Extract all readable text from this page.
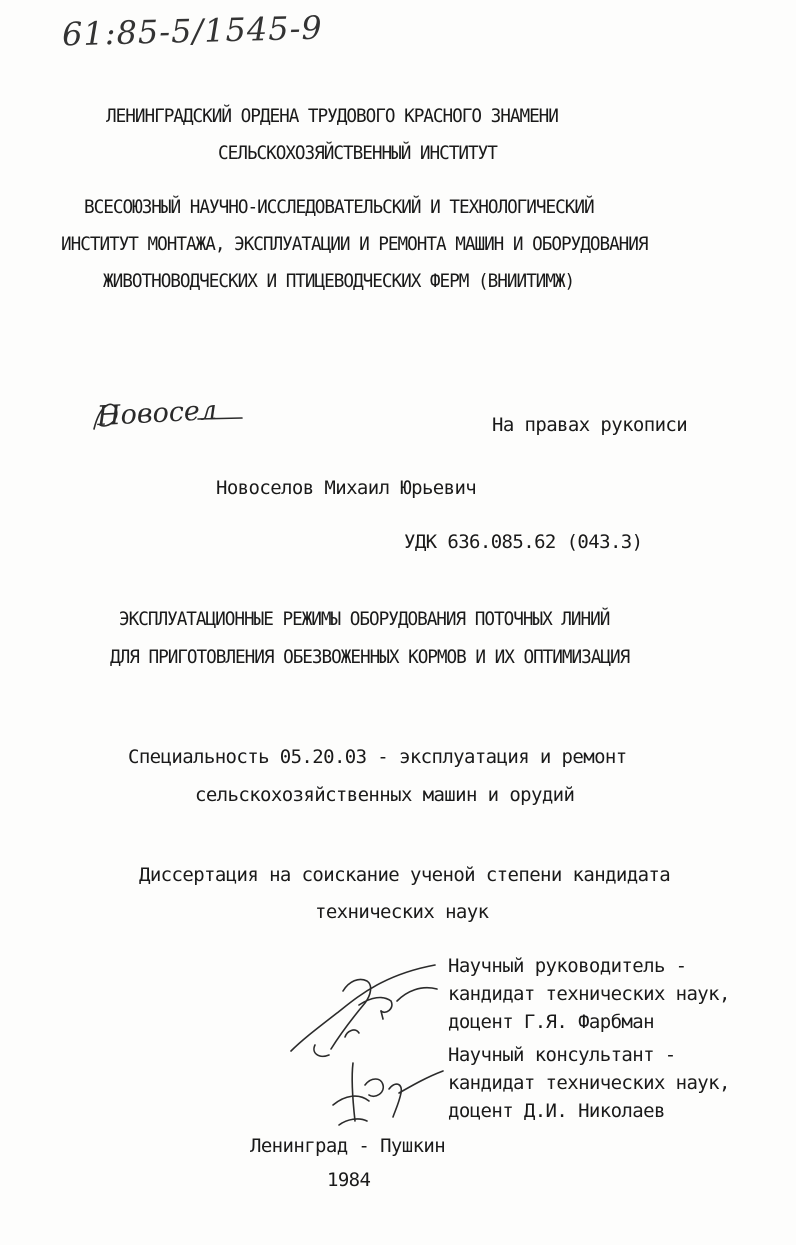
61:85-5/1545-9
ЛЕНИНГРАДСКИЙ ОРДЕНА ТРУДОВОГО КРАСНОГО ЗНАМЕНИ
СЕЛЬСКОХОЗЯЙСТВЕННЫЙ ИНСТИТУТ
ВСЕСОЮЗНЫЙ НАУЧНО-ИССЛЕДОВАТЕЛЬСКИЙ И ТЕХНОЛОГИЧЕСКИЙ
ИНСТИТУТ МОНТАЖА, ЭКСПЛУАТАЦИИ И РЕМОНТА МАШИН И ОБОРУДОВАНИЯ
ЖИВОТНОВОДЧЕСКИХ И ПТИЦЕВОДЧЕСКИХ ФЕРМ (ВНИИТИМЖ)
Новосел	На правах рукописи
Новоселов Михаил Юрьевич
УДК 636.085.62 (043.3)
ЭКСПЛУАТАЦИОННЫЕ РЕЖИМЫ ОБОРУДОВАНИЯ ПОТОЧНЫХ ЛИНИЙ
ДЛЯ ПРИГОТОВЛЕНИЯ ОБЕЗВОЖЕННЫХ КОРМОВ И ИХ ОПТИМИЗАЦИЯ
Специальность 05.20.03 - эксплуатация и ремонт
сельскохозяйственных машин и орудий
Диссертация на соискание ученой степени кандидата
технических наук
Научный руководитель -
кандидат технических наук,
доцент Г.Я. Фарбман
Научный консультант -
кандидат технических наук,
доцент Д.И. Николаев
Ленинград - Пушкин
1984
